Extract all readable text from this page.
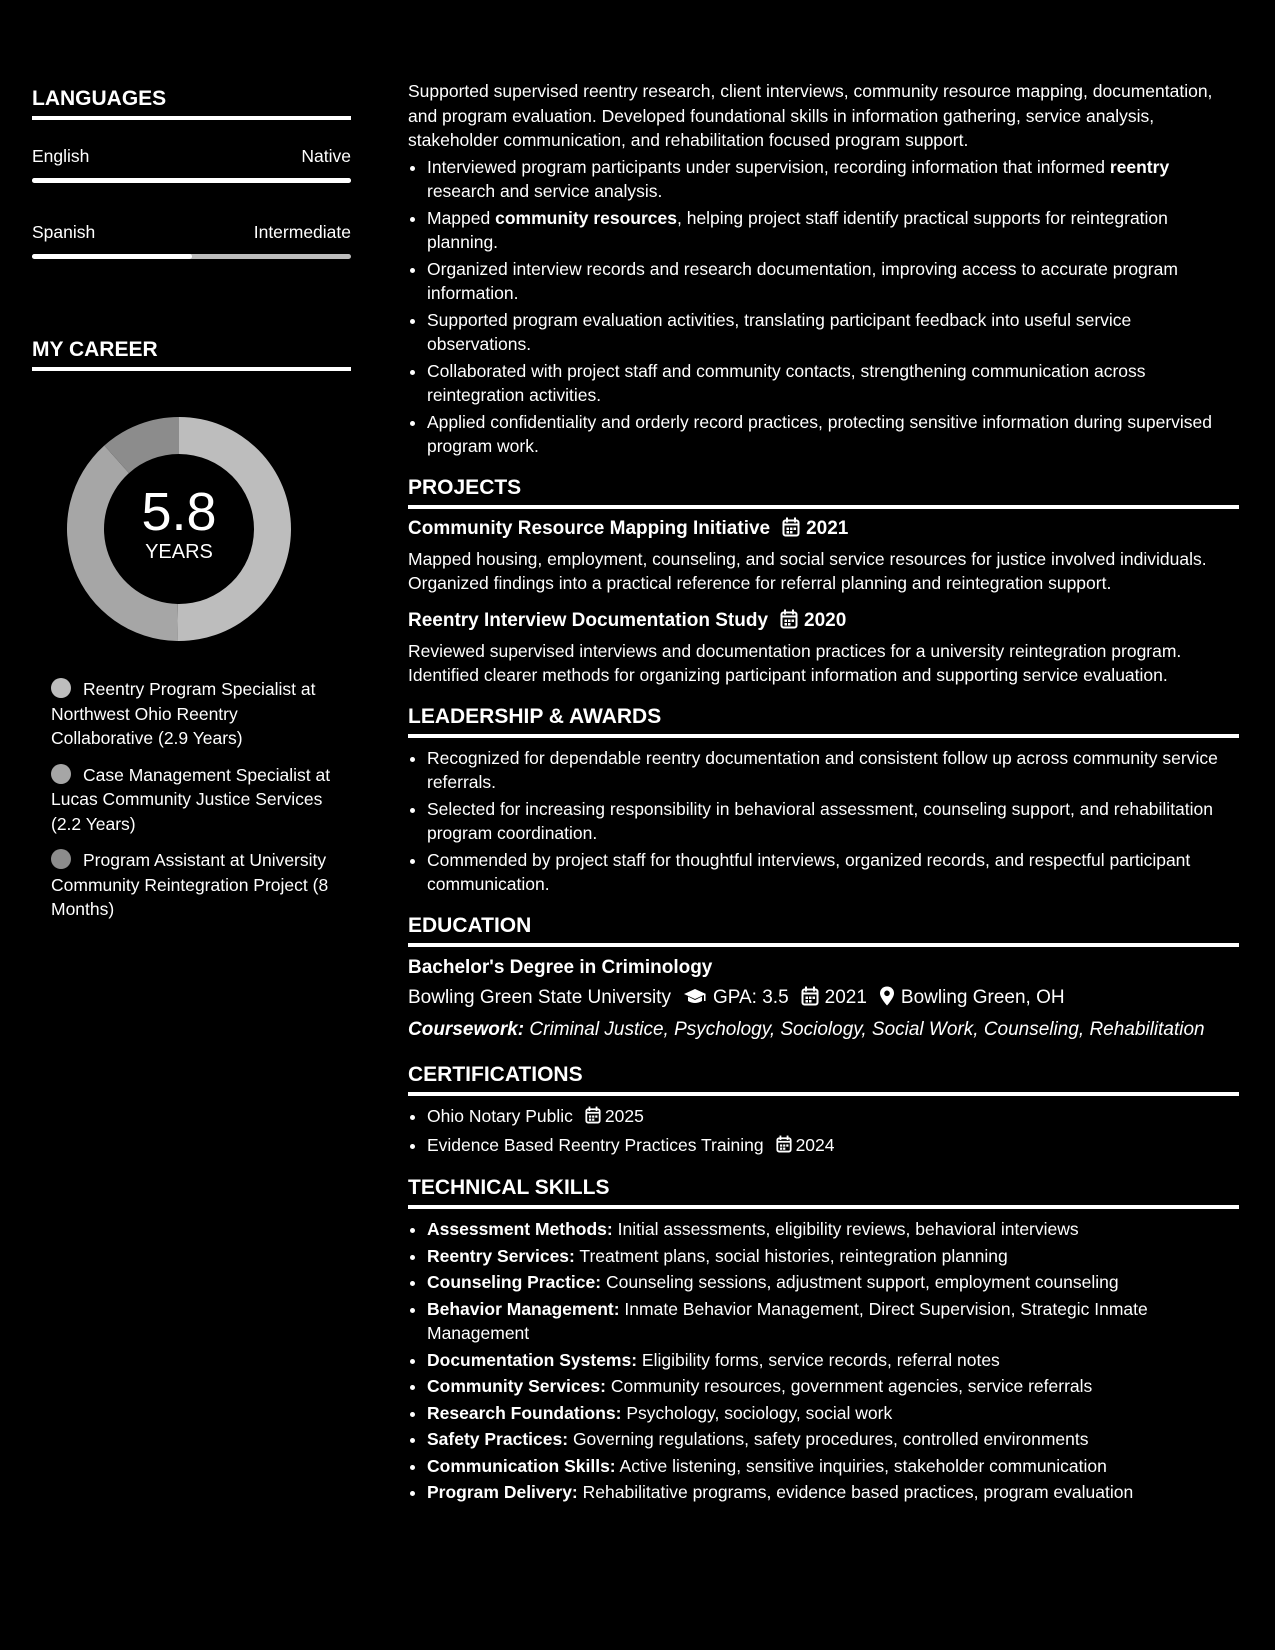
LANGUAGES
English	Native
Spanish	Intermediate
MY CAREER
5.8
YEARS
Reentry Program Specialist at Northwest Ohio Reentry Collaborative (2.9 Years)
Case Management Specialist at Lucas Community Justice Services (2.2 Years)
Program Assistant at University Community Reintegration Project (8 Months)

Supported supervised reentry research, client interviews, community resource mapping, documentation, and program evaluation. Developed foundational skills in information gathering, service analysis, stakeholder communication, and rehabilitation focused program support.

• Interviewed program participants under supervision, recording information that informed reentry research and service analysis.
• Mapped community resources, helping project staff identify practical supports for reintegration planning.
• Organized interview records and research documentation, improving access to accurate program information.
• Supported program evaluation activities, translating participant feedback into useful service observations.
• Collaborated with project staff and community contacts, strengthening communication across reintegration activities.
• Applied confidentiality and orderly record practices, protecting sensitive information during supervised program work.
PROJECTS
Community Resource Mapping Initiative 2021

Mapped housing, employment, counseling, and social service resources for justice involved individuals. Organized findings into a practical reference for referral planning and reintegration support.

Reentry Interview Documentation Study 2020

Reviewed supervised interviews and documentation practices for a university reintegration program. Identified clearer methods for organizing participant information and supporting service evaluation.

LEADERSHIP & AWARDS
• Recognized for dependable reentry documentation and consistent follow up across community service referrals.
• Selected for increasing responsibility in behavioral assessment, counseling support, and rehabilitation program coordination.
• Commended by project staff for thoughtful interviews, organized records, and respectful participant communication.
EDUCATION
Bachelor's Degree in Criminology
Bowling Green State University GPA: 3.5 2021 Bowling Green, OH
Coursework: Criminal Justice, Psychology, Sociology, Social Work, Counseling, Rehabilitation
CERTIFICATIONS
• Ohio Notary Public 2025
• Evidence Based Reentry Practices Training 2024
TECHNICAL SKILLS
• Assessment Methods: Initial assessments, eligibility reviews, behavioral interviews
• Reentry Services: Treatment plans, social histories, reintegration planning
• Counseling Practice: Counseling sessions, adjustment support, employment counseling
• Behavior Management: Inmate Behavior Management, Direct Supervision, Strategic Inmate Management
• Documentation Systems: Eligibility forms, service records, referral notes
• Community Services: Community resources, government agencies, service referrals
• Research Foundations: Psychology, sociology, social work
• Safety Practices: Governing regulations, safety procedures, controlled environments
• Communication Skills: Active listening, sensitive inquiries, stakeholder communication
• Program Delivery: Rehabilitative programs, evidence based practices, program evaluation
